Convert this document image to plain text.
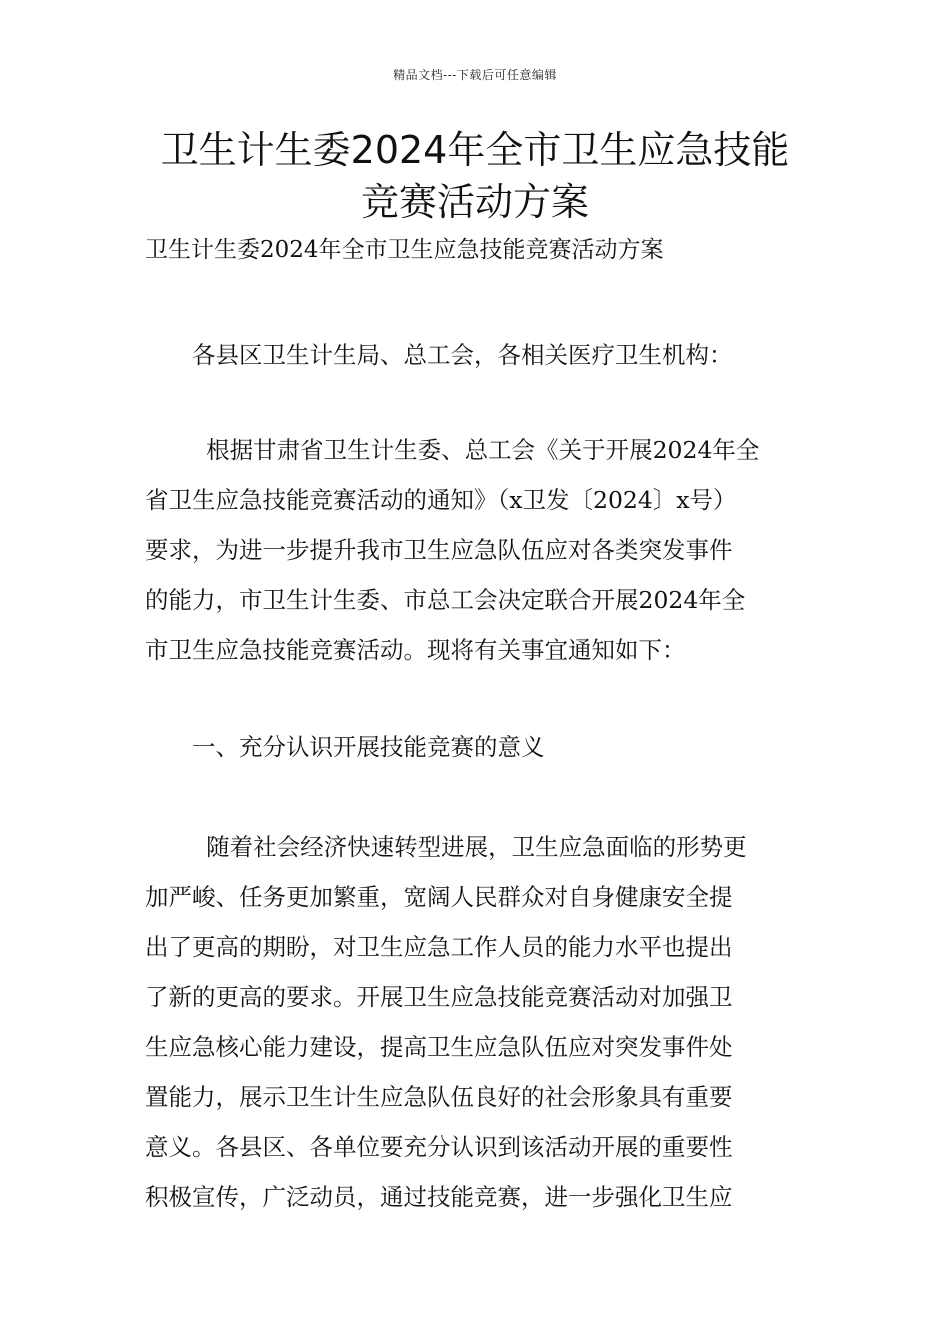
精品文档---下载后可任意编辑
卫生计生委2024年全市卫生应急技能
竞赛活动方案
卫生计生委2024年全市卫生应急技能竞赛活动方案

各县区卫生计生局、总工会，各相关医疗卫生机构：

根据甘肃省卫生计生委、总工会《关于开展2024年全
省卫生应急技能竞赛活动的通知》（x卫发〔2024〕x号）
要求，为进一步提升我市卫生应急队伍应对各类突发事件
的能力，市卫生计生委、市总工会决定联合开展2024年全
市卫生应急技能竞赛活动。现将有关事宜通知如下：

一、充分认识开展技能竞赛的意义

随着社会经济快速转型进展，卫生应急面临的形势更
加严峻、任务更加繁重，宽阔人民群众对自身健康安全提
出了更高的期盼，对卫生应急工作人员的能力水平也提出
了新的更高的要求。开展卫生应急技能竞赛活动对加强卫
生应急核心能力建设，提高卫生应急队伍应对突发事件处
置能力，展示卫生计生应急队伍良好的社会形象具有重要
意义。各县区、各单位要充分认识到该活动开展的重要性
积极宣传，广泛动员，通过技能竞赛，进一步强化卫生应
